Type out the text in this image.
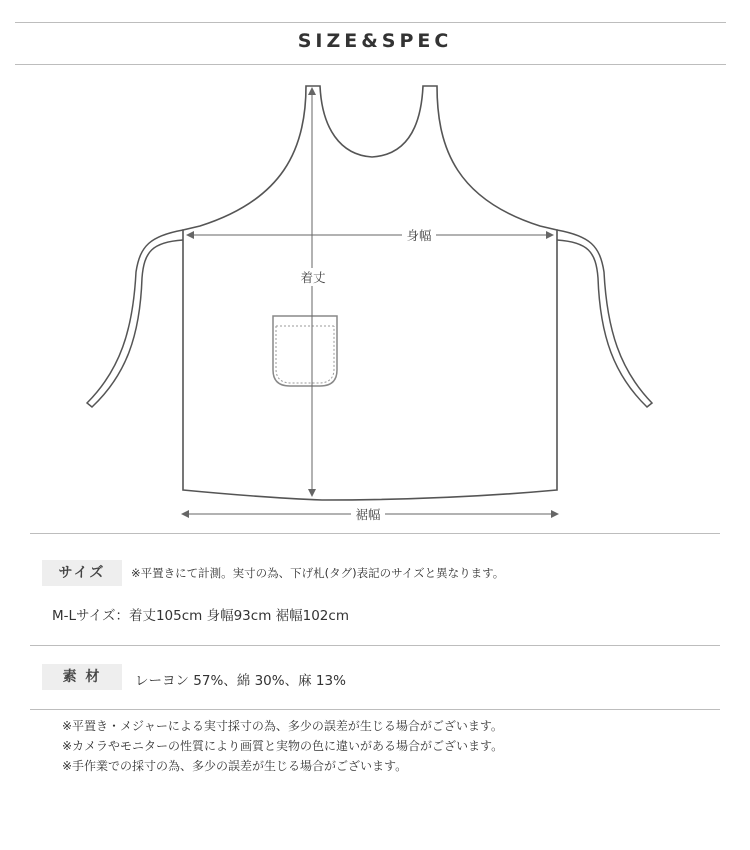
SIZE&SPEC
着丈
身幅
裾幅
サイズ	※平置きにて計測。実寸の為、下げ札(タグ)表記のサイズと異なります。
M-Lサイズ：着丈105cm 身幅93cm 裾幅102cm
素 材	レーヨン 57%、綿 30%、麻 13%
※平置き・メジャーによる実寸採寸の為、多少の誤差が生じる場合がございます。
※カメラやモニターの性質により画質と実物の色に違いがある場合がございます。
※手作業での採寸の為、多少の誤差が生じる場合がございます。
